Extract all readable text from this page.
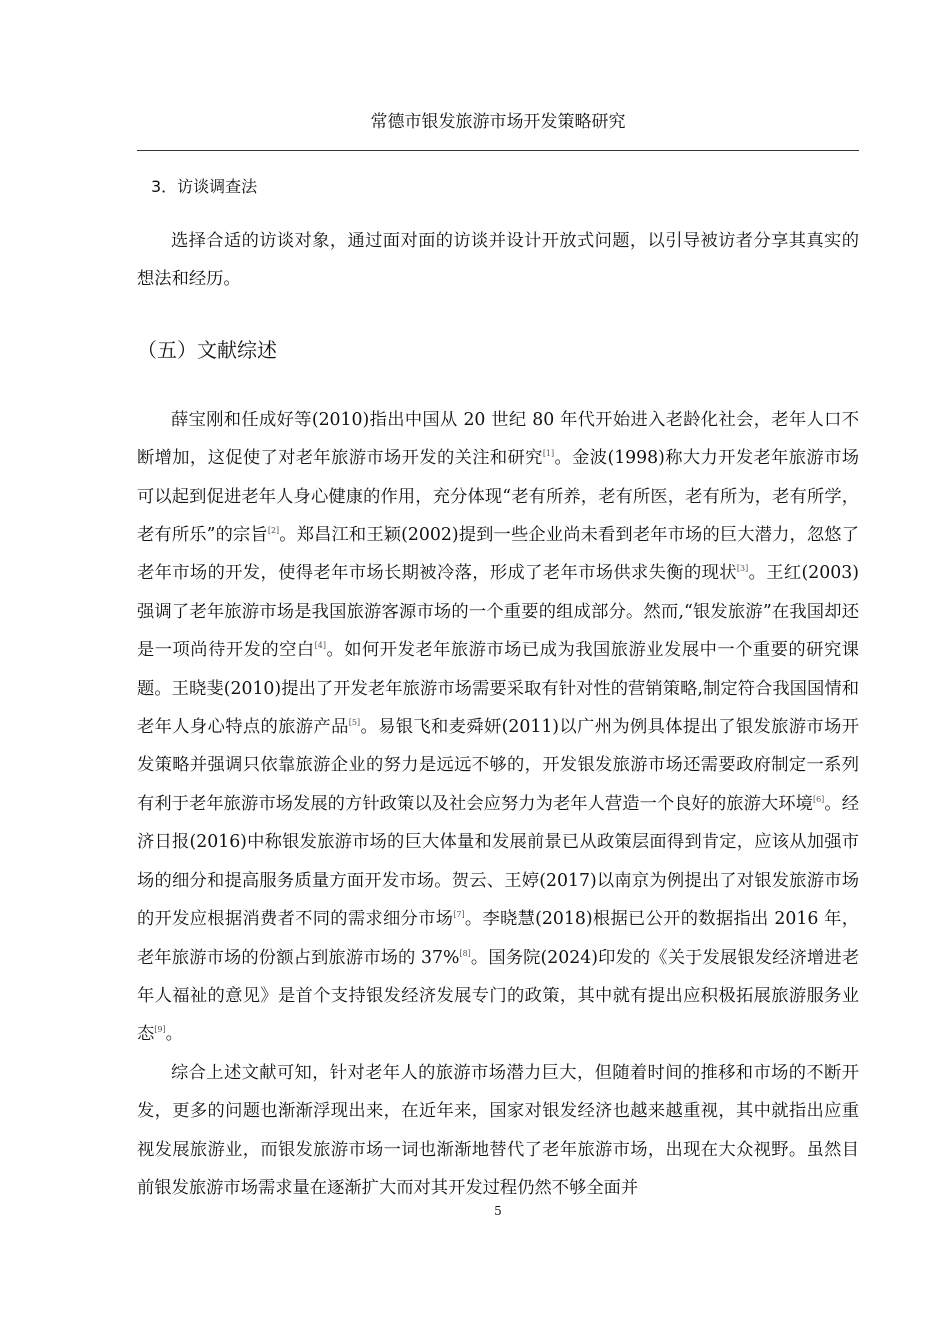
常德市银发旅游市场开发策略研究
3．访谈调查法

选择合适的访谈对象，通过面对面的访谈并设计开放式问题，以引导被访者分享其真实的想法和经历。

（五）文献综述

薛宝刚和任成好等(2010)指出中国从 20 世纪 80 年代开始进入老龄化社会，老年人口不断增加，这促使了对老年旅游市场开发的关注和研究[1]。金波(1998)称大力开发老年旅游市场可以起到促进老年人身心健康的作用，充分体现“老有所养，老有所医，老有所为，老有所学，老有所乐”的宗旨[2]。郑昌江和王颖(2002)提到一些企业尚未看到老年市场的巨大潜力，忽悠了老年市场的开发，使得老年市场长期被冷落，形成了老年市场供求失衡的现状[3]。王红(2003)强调了老年旅游市场是我国旅游客源市场的一个重要的组成部分。然而,“银发旅游”在我国却还是一项尚待开发的空白[4]。如何开发老年旅游市场已成为我国旅游业发展中一个重要的研究课题。王晓斐(2010)提出了开发老年旅游市场需要采取有针对性的营销策略,制定符合我国国情和老年人身心特点的旅游产品[5]。易银飞和麦舜妍(2011)以广州为例具体提出了银发旅游市场开发策略并强调只依靠旅游企业的努力是远远不够的，开发银发旅游市场还需要政府制定一系列有利于老年旅游市场发展的方针政策以及社会应努力为老年人营造一个良好的旅游大环境[6]。经济日报(2016)中称银发旅游市场的巨大体量和发展前景已从政策层面得到肯定，应该从加强市场的细分和提高服务质量方面开发市场。贺云、王婷(2017)以南京为例提出了对银发旅游市场的开发应根据消费者不同的需求细分市场[7]。李晓慧(2018)根据已公开的数据指出 2016 年，老年旅游市场的份额占到旅游市场的 37%[8]。国务院(2024)印发的《关于发展银发经济增进老年人福祉的意见》是首个支持银发经济发展专门的政策，其中就有提出应积极拓展旅游服务业态[9]。

综合上述文献可知，针对老年人的旅游市场潜力巨大，但随着时间的推移和市场的不断开发，更多的问题也渐渐浮现出来，在近年来，国家对银发经济也越来越重视，其中就指出应重视发展旅游业，而银发旅游市场一词也渐渐地替代了老年旅游市场，出现在大众视野。虽然目前银发旅游市场需求量在逐渐扩大而对其开发过程仍然不够全面并

5
